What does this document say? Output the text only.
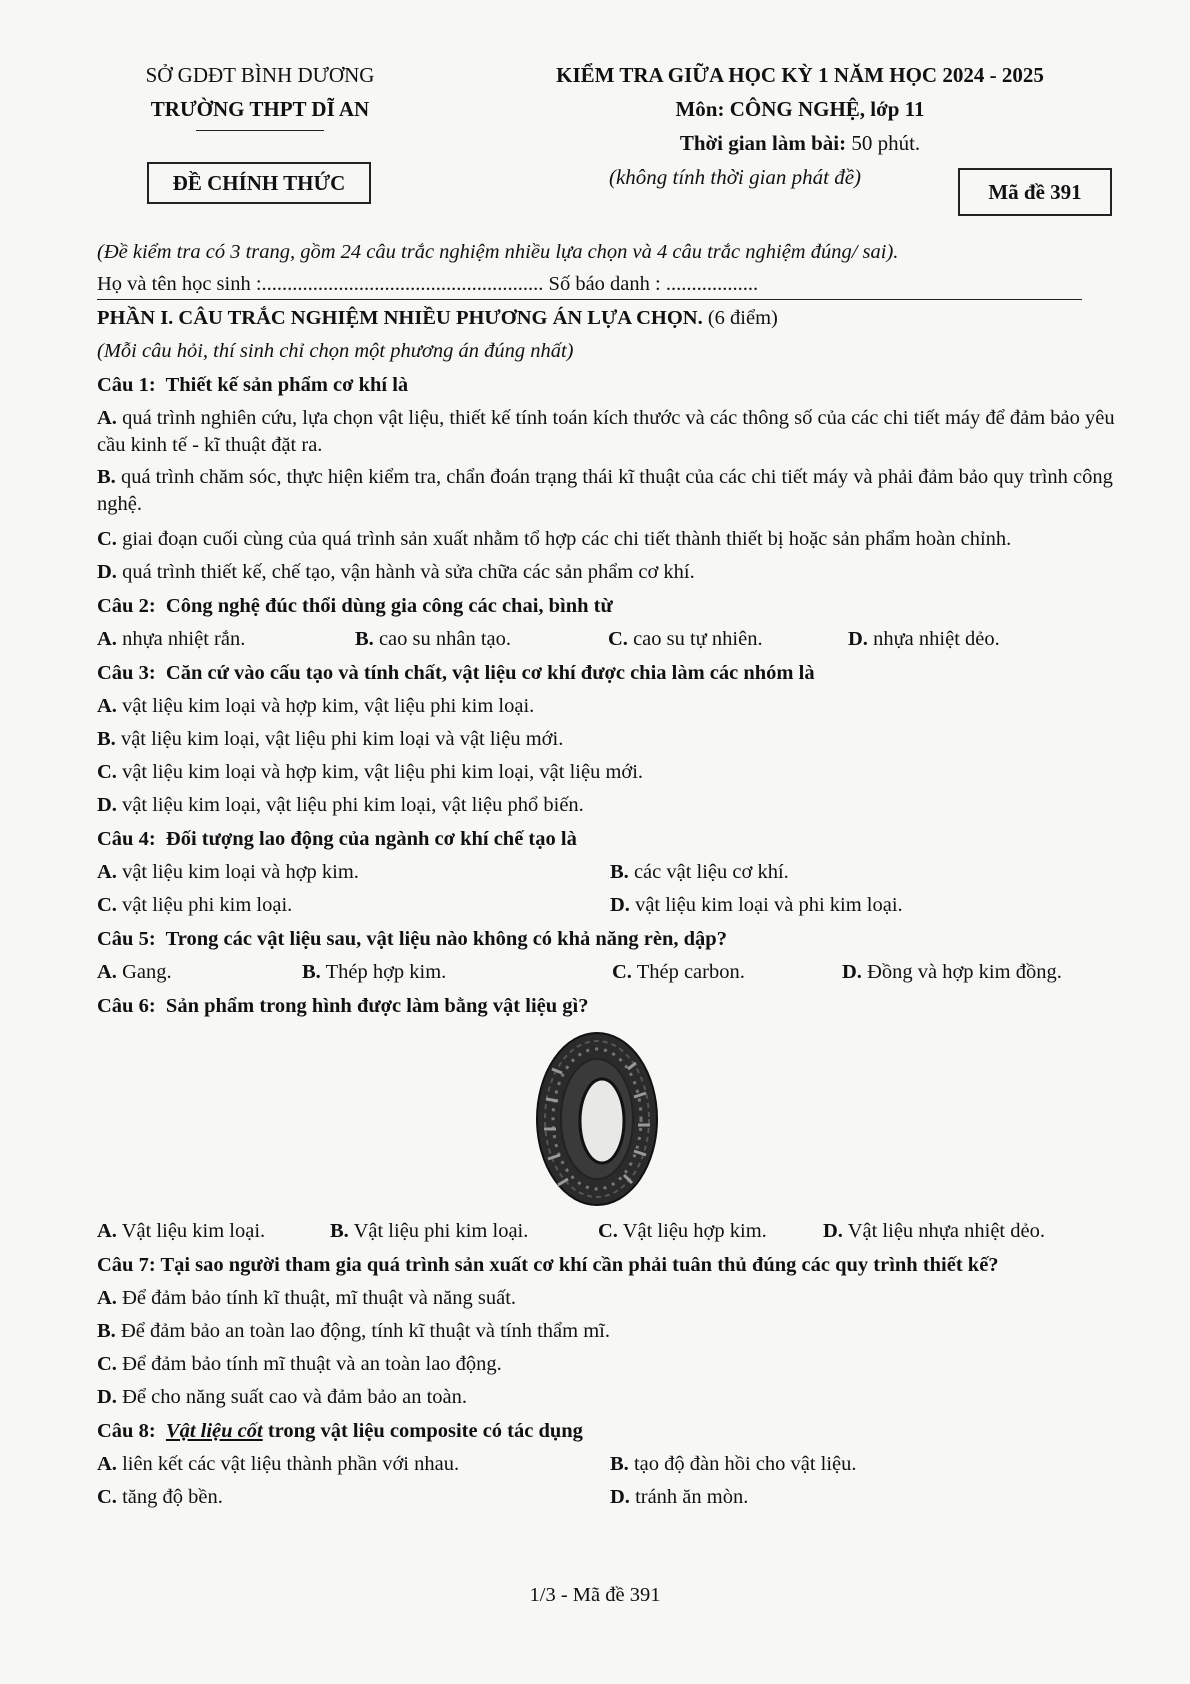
SỞ GDĐT BÌNH DƯƠNG
TRƯỜNG THPT DĨ AN
ĐỀ CHÍNH THỨC
KIỂM TRA GIỮA HỌC KỲ 1 NĂM HỌC 2024 - 2025
Môn: CÔNG NGHỆ, lớp 11
Thời gian làm bài: 50 phút.
(không tính thời gian phát đề)
Mã đề 391
(Đề kiểm tra có 3 trang, gồm 24 câu trắc nghiệm nhiều lựa chọn và 4 câu trắc nghiệm đúng/ sai).
Họ và tên học sinh :....................................................... Số báo danh : ..................
PHẦN I. CÂU TRẮC NGHIỆM NHIỀU PHƯƠNG ÁN LỰA CHỌN. (6 điểm)
(Mỗi câu hỏi, thí sinh chỉ chọn một phương án đúng nhất)
Câu 1: Thiết kế sản phẩm cơ khí là
A. quá trình nghiên cứu, lựa chọn vật liệu, thiết kế tính toán kích thước và các thông số của các chi tiết máy để đảm bảo yêu cầu kinh tế - kĩ thuật đặt ra.
B. quá trình chăm sóc, thực hiện kiểm tra, chẩn đoán trạng thái kĩ thuật của các chi tiết máy và phải đảm bảo quy trình công nghệ.
C. giai đoạn cuối cùng của quá trình sản xuất nhằm tổ hợp các chi tiết thành thiết bị hoặc sản phẩm hoàn chỉnh.
D. quá trình thiết kế, chế tạo, vận hành và sửa chữa các sản phẩm cơ khí.
Câu 2: Công nghệ đúc thổi dùng gia công các chai, bình từ
A. nhựa nhiệt rắn.	B. cao su nhân tạo.	C. cao su tự nhiên.	D. nhựa nhiệt dẻo.
Câu 3: Căn cứ vào cấu tạo và tính chất, vật liệu cơ khí được chia làm các nhóm là
A. vật liệu kim loại và hợp kim, vật liệu phi kim loại.
B. vật liệu kim loại, vật liệu phi kim loại và vật liệu mới.
C. vật liệu kim loại và hợp kim, vật liệu phi kim loại, vật liệu mới.
D. vật liệu kim loại, vật liệu phi kim loại, vật liệu phổ biến.
Câu 4: Đối tượng lao động của ngành cơ khí chế tạo là
A. vật liệu kim loại và hợp kim.	B. các vật liệu cơ khí.
C. vật liệu phi kim loại.	D. vật liệu kim loại và phi kim loại.
Câu 5: Trong các vật liệu sau, vật liệu nào không có khả năng rèn, dập?
A. Gang.	B. Thép hợp kim.	C. Thép carbon.	D. Đồng và hợp kim đồng.
Câu 6: Sản phẩm trong hình được làm bằng vật liệu gì?
A. Vật liệu kim loại.	B. Vật liệu phi kim loại.	C. Vật liệu hợp kim.	D. Vật liệu nhựa nhiệt dẻo.
Câu 7: Tại sao người tham gia quá trình sản xuất cơ khí cần phải tuân thủ đúng các quy trình thiết kế?
A. Để đảm bảo tính kĩ thuật, mĩ thuật và năng suất.
B. Để đảm bảo an toàn lao động, tính kĩ thuật và tính thẩm mĩ.
C. Để đảm bảo tính mĩ thuật và an toàn lao động.
D. Để cho năng suất cao và đảm bảo an toàn.
Câu 8: Vật liệu cốt trong vật liệu composite có tác dụng
A. liên kết các vật liệu thành phần với nhau.	B. tạo độ đàn hồi cho vật liệu.
C. tăng độ bền.	D. tránh ăn mòn.
1/3 - Mã đề 391
